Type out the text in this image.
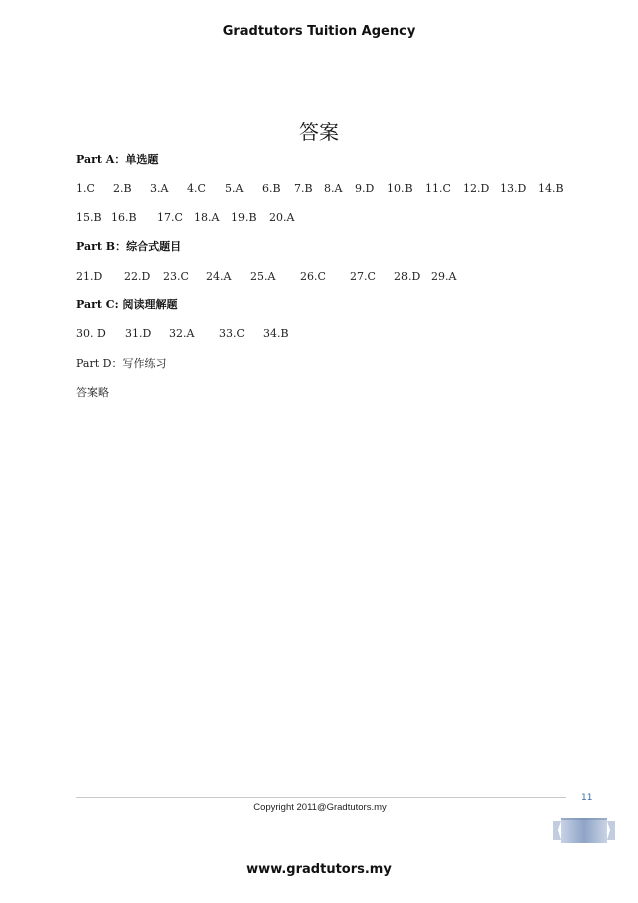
Gradtutors Tuition Agency
答案
Part A：单选题
1.C 2.B 3.A 4.C 5.A 6.B 7.B 8.A 9.D 10.B 11.C 12.D 13.D 14.B
15.B 16.B 17.C 18.A 19.B 20.A
Part B：综合式题目
21.D 22.D 23.C 24.A 25.A 26.C 27.C 28.D 29.A
Part C: 阅读理解题
30. D 31.D 32.A 33.C 34.B
Part D：写作练习
答案略
11
Copyright 2011@Gradtutors.my
www.gradtutors.my
